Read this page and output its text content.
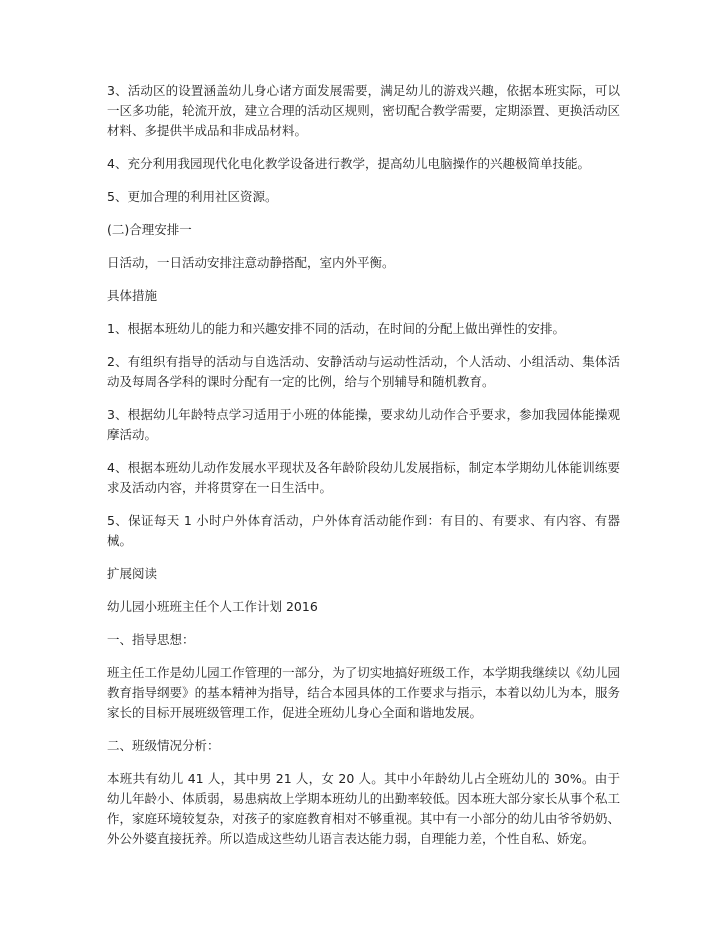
3、活动区的设置涵盖幼儿身心诸方面发展需要，满足幼儿的游戏兴趣，依据本班实际，可以一区多功能，轮流开放，建立合理的活动区规则，密切配合教学需要，定期添置、更换活动区材料、多提供半成品和非成品材料。

4、充分利用我园现代化电化教学设备进行教学，提高幼儿电脑操作的兴趣极简单技能。

5、更加合理的利用社区资源。

(二)合理安排一

日活动，一日活动安排注意动静搭配，室内外平衡。

具体措施

1、根据本班幼儿的能力和兴趣安排不同的活动，在时间的分配上做出弹性的安排。

2、有组织有指导的活动与自选活动、安静活动与运动性活动，个人活动、小组活动、集体活动及每周各学科的课时分配有一定的比例，给与个别辅导和随机教育。

3、根据幼儿年龄特点学习适用于小班的体能操，要求幼儿动作合乎要求，参加我园体能操观摩活动。

4、根据本班幼儿动作发展水平现状及各年龄阶段幼儿发展指标，制定本学期幼儿体能训练要求及活动内容，并将贯穿在一日生活中。

5、保证每天 1 小时户外体育活动，户外体育活动能作到：有目的、有要求、有内容、有器械。

扩展阅读

幼儿园小班班主任个人工作计划 2016

一、指导思想：

班主任工作是幼儿园工作管理的一部分，为了切实地搞好班级工作，本学期我继续以《幼儿园教育指导纲要》的基本精神为指导，结合本园具体的工作要求与指示，本着以幼儿为本，服务家长的目标开展班级管理工作，促进全班幼儿身心全面和谐地发展。

二、班级情况分析：

本班共有幼儿 41 人，其中男 21 人，女 20 人。其中小年龄幼儿占全班幼儿的 30%。由于幼儿年龄小、体质弱，易患病故上学期本班幼儿的出勤率较低。因本班大部分家长从事个私工作，家庭环境较复杂，对孩子的家庭教育相对不够重视。其中有一小部分的幼儿由爷爷奶奶、外公外婆直接抚养。所以造成这些幼儿语言表达能力弱，自理能力差，个性自私、娇宠。
